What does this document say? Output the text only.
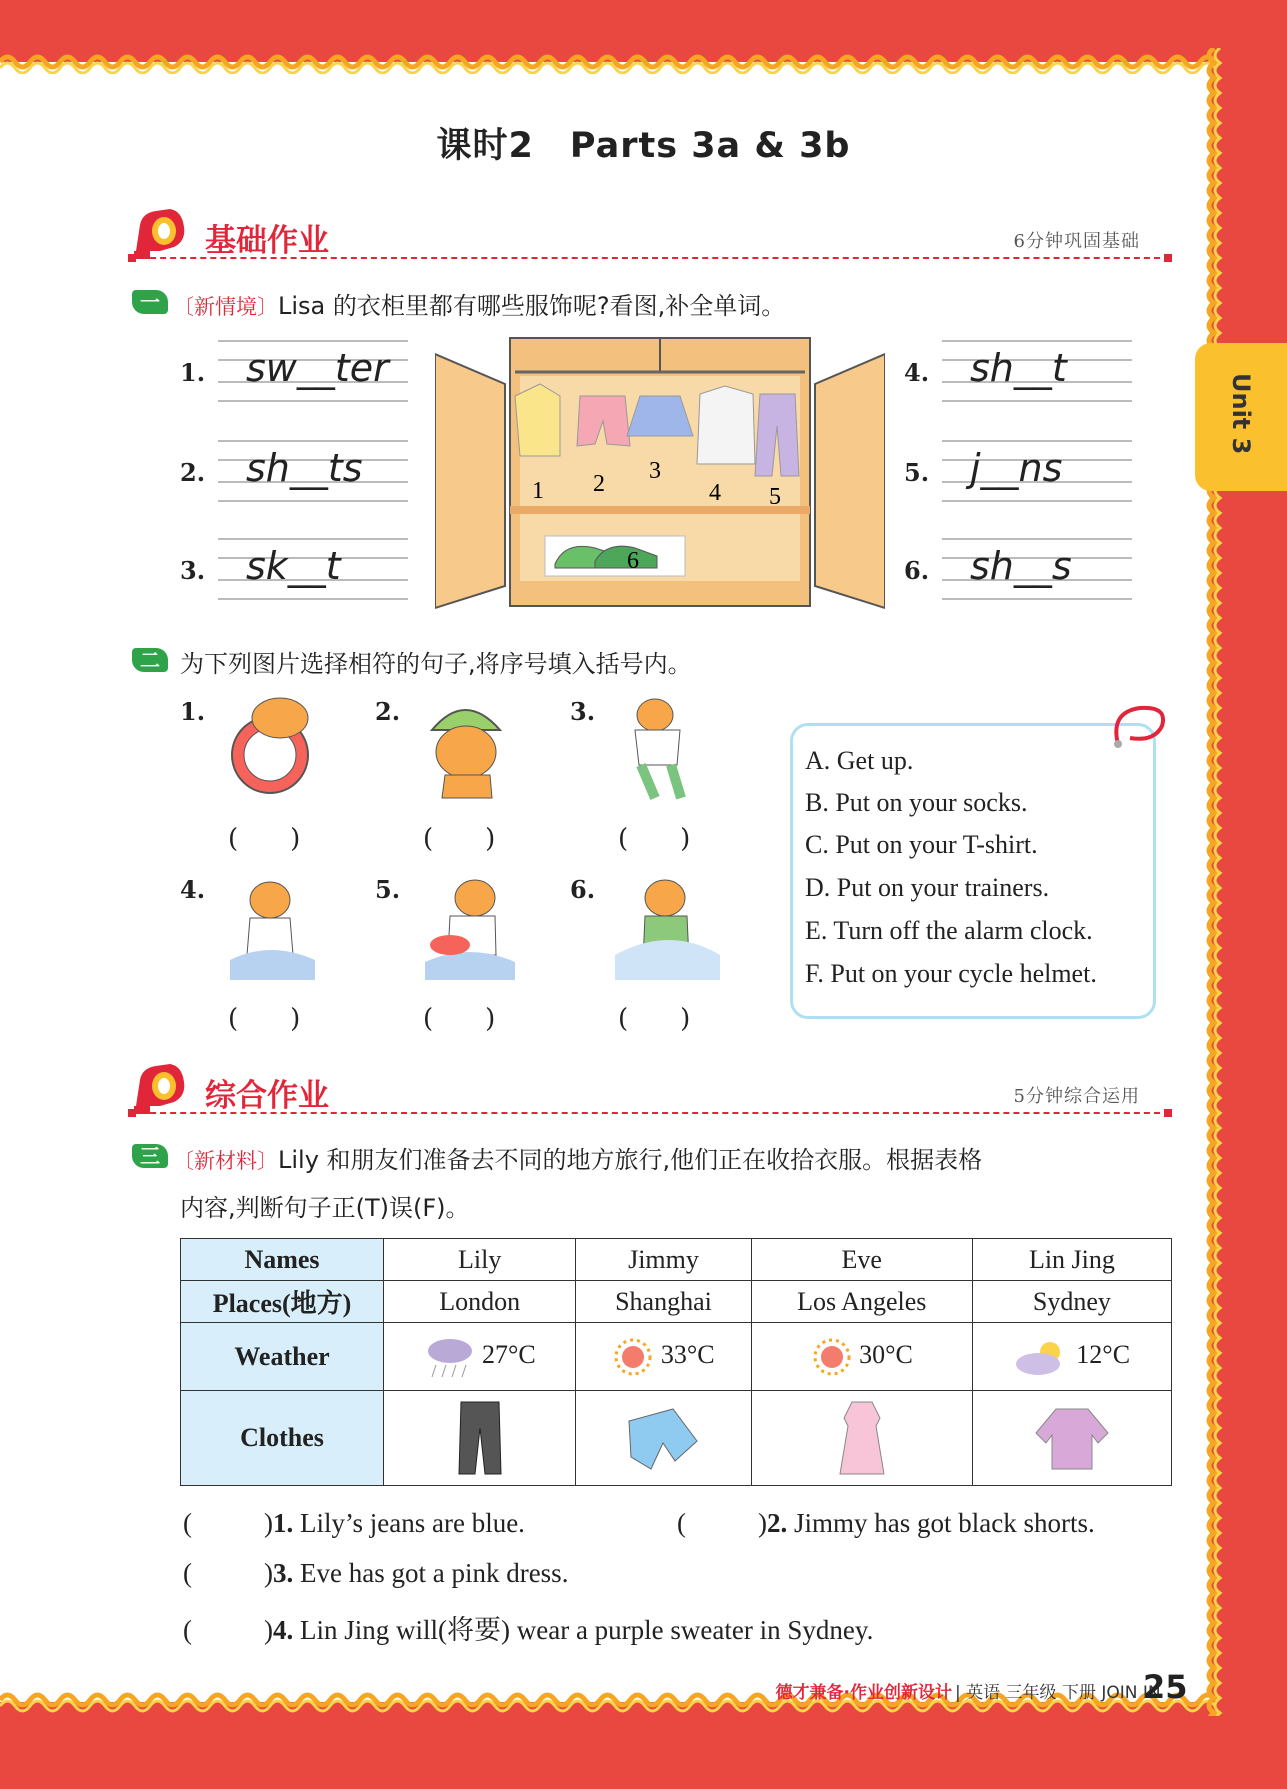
课时2　Parts 3a & 3b
Unit 3
基础作业	6分钟巩固基础
一 〔新情境〕Lisa 的衣柜里都有哪些服饰呢?看图,补全单词。
1. sw__ter
2. sh__ts
3. sk__t
4. sh__t
5. j__ns
6. sh__s
1 2 3
4 5
6
二 为下列图片选择相符的句子,将序号填入括号内。
1.	2.	3.
4.	5.	6.
(　　)	(　　)	(　　)
(　　)	(　　)	(　　)
A. Get up.
B. Put on your socks.
C. Put on your T-shirt.
D. Put on your trainers.
E. Turn off the alarm clock.
F. Put on your cycle helmet.
综合作业	5分钟综合运用
三 〔新材料〕Lily 和朋友们准备去不同的地方旅行,他们正在收拾衣服。根据表格
内容,判断句子正(T)误(F)。
Names	Lily	Jimmy	Eve	Lin Jing
Places(地方)	London	Shanghai	Los Angeles	Sydney
Weather	27°C	33°C	30°C	12°C
Clothes				
(	)1. Lily’s jeans are blue.	(	)2. Jimmy has got black shorts.
(	)3. Eve has got a pink dress.
(	)4. Lin Jing will(将要) wear a purple sweater in Sydney.
德才兼备·作业创新设计 | 英语 三年级 下册 JOIN IN
25
